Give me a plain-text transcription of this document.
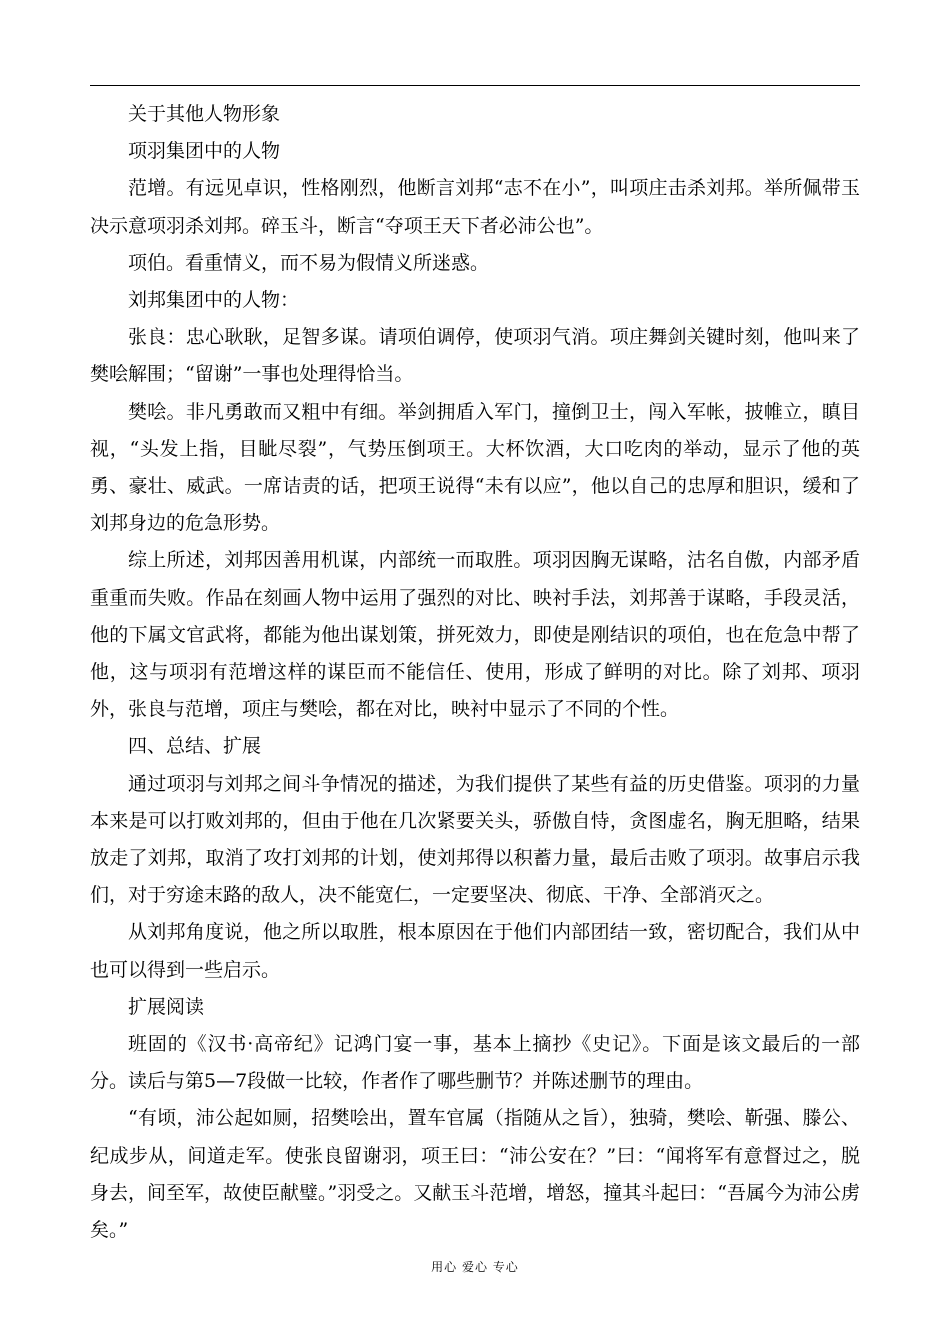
关于其他人物形象

项羽集团中的人物

范增。有远见卓识，性格刚烈，他断言刘邦“志不在小”，叫项庄击杀刘邦。举所佩带玉决示意项羽杀刘邦。碎玉斗，断言“夺项王天下者必沛公也”。

项伯。看重情义，而不易为假情义所迷惑。

刘邦集团中的人物：

张良：忠心耿耿，足智多谋。请项伯调停，使项羽气消。项庄舞剑关键时刻，他叫来了樊哙解围；“留谢”一事也处理得恰当。

樊哙。非凡勇敢而又粗中有细。举剑拥盾入军门，撞倒卫士，闯入军帐，披帷立，瞋目视，“头发上指，目眦尽裂”，气势压倒项王。大杯饮酒，大口吃肉的举动，显示了他的英勇、豪壮、威武。一席诘责的话，把项王说得“未有以应”，他以自己的忠厚和胆识，缓和了刘邦身边的危急形势。

综上所述，刘邦因善用机谋，内部统一而取胜。项羽因胸无谋略，沽名自傲，内部矛盾重重而失败。作品在刻画人物中运用了强烈的对比、映衬手法，刘邦善于谋略，手段灵活，他的下属文官武将，都能为他出谋划策，拼死效力，即使是刚结识的项伯，也在危急中帮了他，这与项羽有范增这样的谋臣而不能信任、使用，形成了鲜明的对比。除了刘邦、项羽外，张良与范增，项庄与樊哙，都在对比，映衬中显示了不同的个性。

四、总结、扩展

通过项羽与刘邦之间斗争情况的描述，为我们提供了某些有益的历史借鉴。项羽的力量本来是可以打败刘邦的，但由于他在几次紧要关头，骄傲自恃，贪图虚名，胸无胆略，结果放走了刘邦，取消了攻打刘邦的计划，使刘邦得以积蓄力量，最后击败了项羽。故事启示我们，对于穷途末路的敌人，决不能宽仁，一定要坚决、彻底、干净、全部消灭之。

从刘邦角度说，他之所以取胜，根本原因在于他们内部团结一致，密切配合，我们从中也可以得到一些启示。

扩展阅读

班固的《汉书·高帝纪》记鸿门宴一事，基本上摘抄《史记》。下面是该文最后的一部分。读后与第5—7段做一比较，作者作了哪些删节？并陈述删节的理由。

“有顷，沛公起如厕，招樊哙出，置车官属（指随从之旨），独骑，樊哙、靳强、滕公、纪成步从，间道走军。使张良留谢羽，项王曰：“沛公安在？”曰：“闻将军有意督过之，脱身去，间至军，故使臣献璧。”羽受之。又献玉斗范增，增怒，撞其斗起曰：“吾属今为沛公虏矣。”

用心 爱心 专心
